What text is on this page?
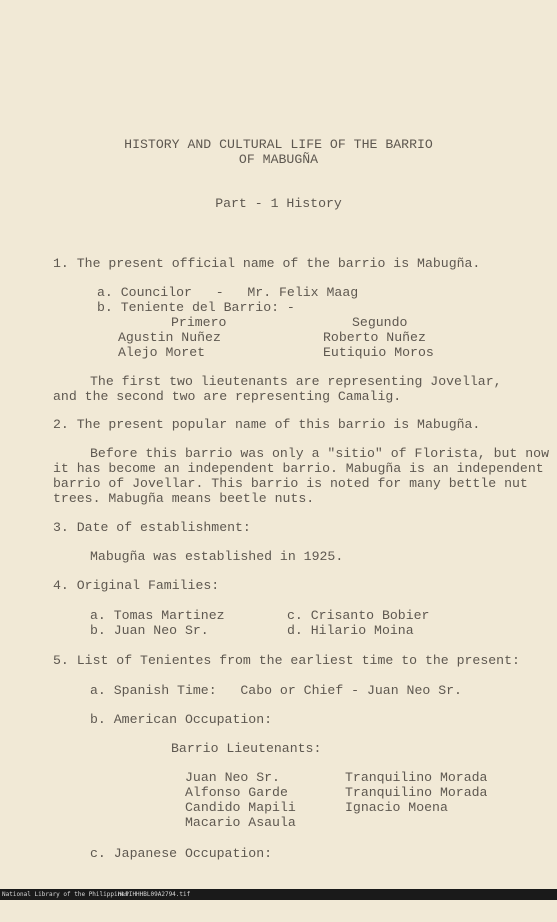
HISTORY AND CULTURAL LIFE OF THE BARRIO
OF MABUGÑA
Part - 1 History
1. The present official name of the barrio is Mabugña.
a. Councilor   -   Mr. Felix Maag
b. Teniente del Barrio: -
Primero	Segundo
Agustin Nuñez
Alejo Moret
Roberto Nuñez
Eutiquio Moros
The first two lieutenants are representing Jovellar,
and the second two are representing Camalig.
2. The present popular name of this barrio is Mabugña.
Before this barrio was only a "sitio" of Florista, but now
it has become an independent barrio. Mabugña is an independent
barrio of Jovellar. This barrio is noted for many bettle nut
trees. Mabugña means beetle nuts.
3. Date of establishment:
Mabugña was established in 1925.
4. Original Families:
a. Tomas Martinez
b. Juan Neo Sr.
c. Crisanto Bobier
d. Hilario Moina
5. List of Tenientes from the earliest time to the present:
a. Spanish Time:   Cabo or Chief - Juan Neo Sr.
b. American Occupation:
Barrio Lieutenants:
Juan Neo Sr.
Alfonso Garde
Candido Mapili
Macario Asaula
Tranquilino Morada
Tranquilino Morada
Ignacio Moena
c. Japanese Occupation:

National Library of the Philippines

HLPIHHHBL09A2794.tif
